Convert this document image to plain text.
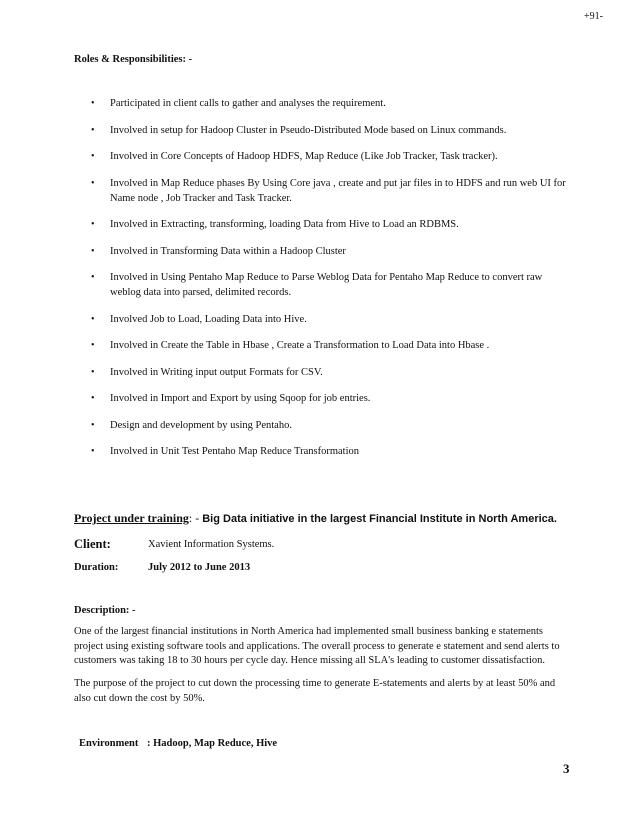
+91-
Roles & Responsibilities: -
• Participated in client calls to gather and analyses the requirement.
• Involved in setup for Hadoop Cluster in Pseudo-Distributed Mode based on Linux commands.
• Involved in Core Concepts of Hadoop HDFS, Map Reduce (Like Job Tracker, Task tracker).
• Involved in Map Reduce phases By Using Core java , create and put jar files in to HDFS and run web UI for Name node , Job Tracker and Task Tracker.
• Involved in Extracting, transforming, loading Data from Hive to Load an RDBMS.
• Involved in Transforming Data within a Hadoop Cluster
• Involved in Using Pentaho Map Reduce to Parse Weblog Data for Pentaho Map Reduce to convert raw weblog data into parsed, delimited records.
• Involved Job to Load, Loading Data into Hive.
• Involved in Create the Table in Hbase , Create a Transformation to Load Data into Hbase .
• Involved in Writing input output Formats for CSV.
• Involved in Import and Export by using Sqoop for job entries.
• Design and development by using Pentaho.
• Involved in Unit Test Pentaho Map Reduce Transformation
Project under training: - Big Data initiative in the largest Financial Institute in North America.
Client:	Xavient Information Systems.
Duration:	July 2012 to June 2013
Description: -
One of the largest financial institutions in North America had implemented small business banking e statements project using existing software tools and applications. The overall process to generate e statement and send alerts to customers was taking 18 to 30 hours per cycle day. Hence missing all SLA's leading to customer dissatisfaction.
The purpose of the project to cut down the processing time to generate E-statements and alerts by at least 50% and also cut down the cost by 50%.
Environment : Hadoop, Map Reduce, Hive
3
